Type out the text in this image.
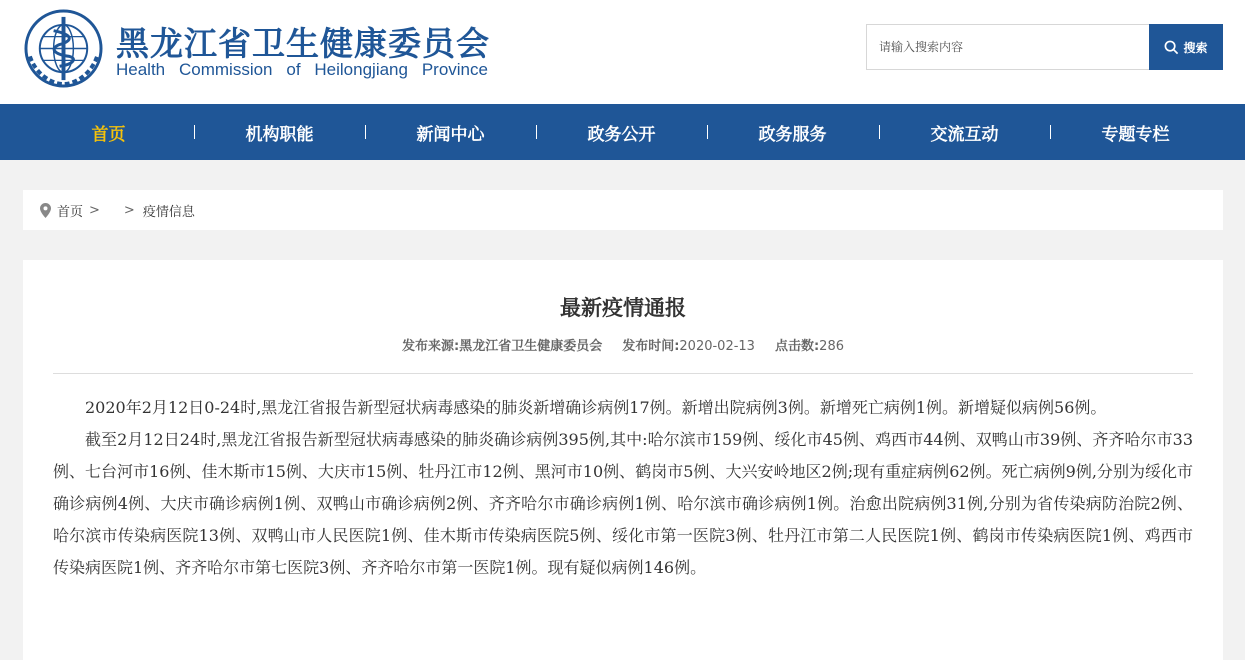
黑龙江省卫生健康委员会
Health Commission of Heilongjiang Province
请输入搜索内容
搜索
首页	机构职能	新闻中心	政务公开	政务服务	交流互动	专题专栏
首页 > > 疫情信息
最新疫情通报
发布来源:黑龙江省卫生健康委员会 发布时间:2020-02-13 点击数:286

2020年2月12日0-24时,黑龙江省报告新型冠状病毒感染的肺炎新增确诊病例17例。新增出院病例3例。新增死亡病例1例。新增疑似病例56例。

截至2月12日24时,黑龙江省报告新型冠状病毒感染的肺炎确诊病例395例,其中:哈尔滨市159例、绥化市45例、鸡西市44例、双鸭山市39例、齐齐哈尔市33例、七台河市16例、佳木斯市15例、大庆市15例、牡丹江市12例、黑河市10例、鹤岗市5例、大兴安岭地区2例;现有重症病例62例。死亡病例9例,分别为绥化市确诊病例4例、大庆市确诊病例1例、双鸭山市确诊病例2例、齐齐哈尔市确诊病例1例、哈尔滨市确诊病例1例。治愈出院病例31例,分别为省传染病防治院2例、哈尔滨市传染病医院13例、双鸭山市人民医院1例、佳木斯市传染病医院5例、绥化市第一医院3例、牡丹江市第二人民医院1例、鹤岗市传染病医院1例、鸡西市传染病医院1例、齐齐哈尔市第七医院3例、齐齐哈尔市第一医院1例。现有疑似病例146例。
